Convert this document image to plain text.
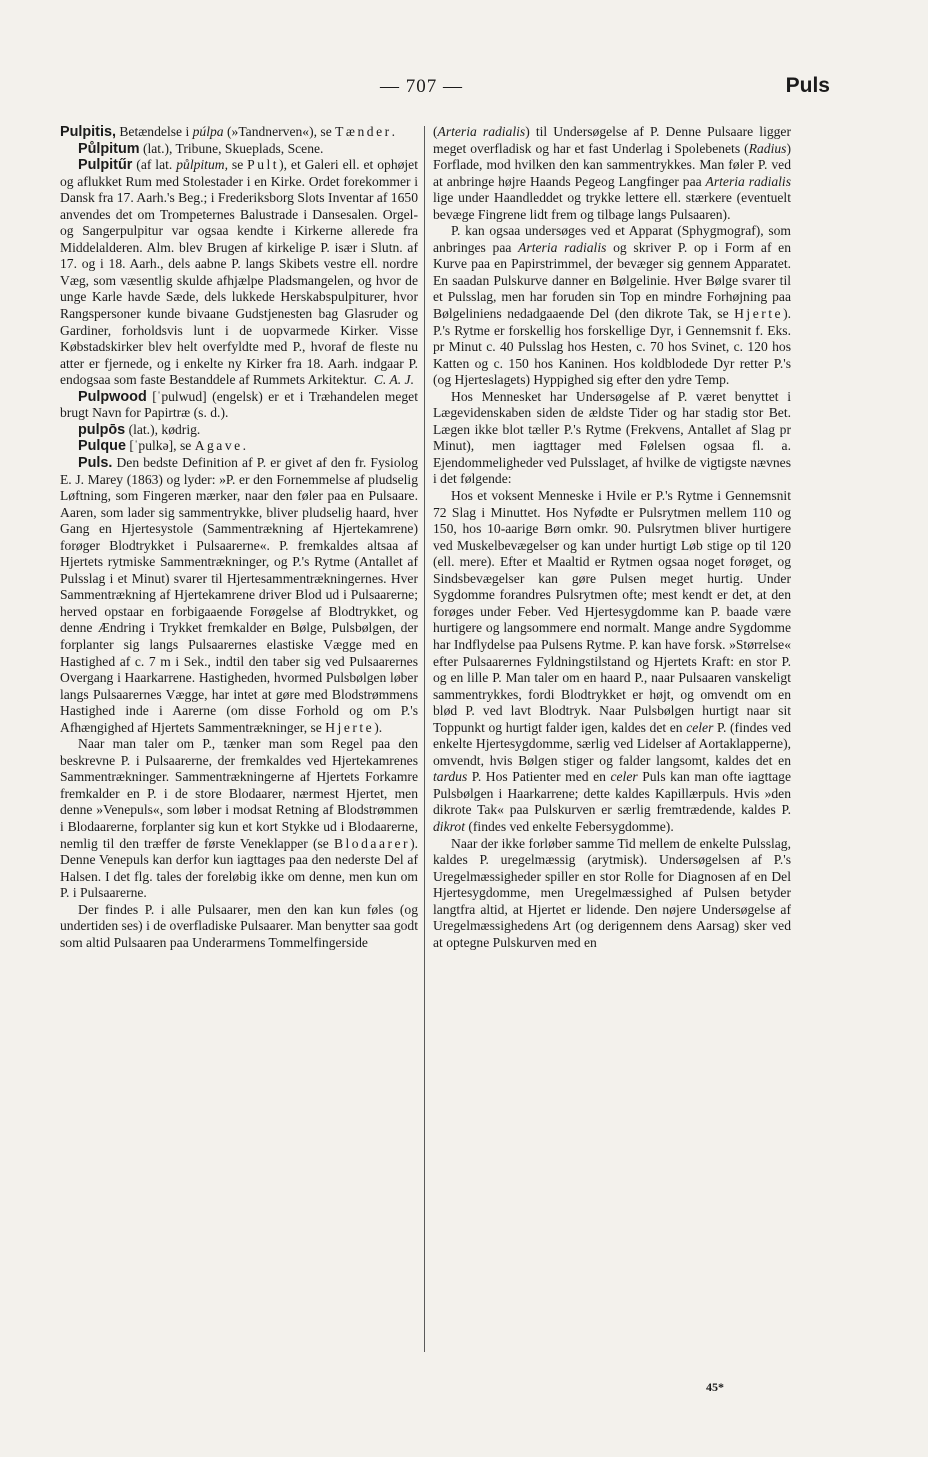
— 707 —	Puls

Pulpitis, Betændelse i púlpa (»Tandnerven«), se Tænder.

Půlpitum (lat.), Tribune, Skueplads, Scene.

Pulpitűr (af lat. půlpitum, se Pult), et Galeri ell. et ophøjet og aflukket Rum med Stolestader i en Kirke. Ordet forekommer i Dansk fra 17. Aarh.'s Beg.; i Frederiksborg Slots Inventar af 1650 anvendes det om Trompeternes Balustrade i Dansesalen. Orgel- og Sangerpulpitur var ogsaa kendte i Kirkerne allerede fra Middelalderen. Alm. blev Brugen af kirkelige P. især i Slutn. af 17. og i 18. Aarh., dels aabne P. langs Skibets vestre ell. nordre Væg, som væsentlig skulde afhjælpe Pladsmangelen, og hvor de unge Karle havde Sæde, dels lukkede Herskabspulpiturer, hvor Rangspersoner kunde bivaane Gudstjenesten bag Glasruder og Gardiner, forholdsvis lunt i de uopvarmede Kirker. Visse Købstadskirker blev helt overfyldte med P., hvoraf de fleste nu atter er fjernede, og i enkelte ny Kirker fra 18. Aarh. indgaar P. endogsaa som faste Bestanddele af Rummets Arkitektur. C. A. J.

Pulpwood [ˈpulwud] (engelsk) er et i Træhandelen meget brugt Navn for Papirtræ (s. d.).

pulpōs (lat.), kødrig.

Pulque [ˈpulkə], se Agave.

Puls. Den bedste Definition af P. er givet af den fr. Fysiolog E. J. Marey (1863) og lyder: »P. er den Fornemmelse af pludselig Løftning, som Fingeren mærker, naar den føler paa en Pulsaare. Aaren, som lader sig sammentrykke, bliver pludselig haard, hver Gang en Hjertesystole (Sammentrækning af Hjertekamrene) forøger Blodtrykket i Pulsaarerne«. P. fremkaldes altsaa af Hjertets rytmiske Sammentrækninger, og P.'s Rytme (Antallet af Pulsslag i et Minut) svarer til Hjertesammentrækningernes. Hver Sammentrækning af Hjertekamrene driver Blod ud i Pulsaarerne; herved opstaar en forbigaaende Forøgelse af Blodtrykket, og denne Ændring i Trykket fremkalder en Bølge, Pulsbølgen, der forplanter sig langs Pulsaarernes elastiske Vægge med en Hastighed af c. 7 m i Sek., indtil den taber sig ved Pulsaarernes Overgang i Haarkarrene. Hastigheden, hvormed Pulsbølgen løber langs Pulsaarernes Vægge, har intet at gøre med Blodstrømmens Hastighed inde i Aarerne (om disse Forhold og om P.'s Afhængighed af Hjertets Sammentrækninger, se Hjerte).

Naar man taler om P., tænker man som Regel paa den beskrevne P. i Pulsaarerne, der fremkaldes ved Hjertekamrenes Sammentrækninger. Sammentrækningerne af Hjertets Forkamre fremkalder en P. i de store Blodaarer, nærmest Hjertet, men denne »Venepuls«, som løber i modsat Retning af Blodstrømmen i Blodaarerne, forplanter sig kun et kort Stykke ud i Blodaarerne, nemlig til den træffer de første Veneklapper (se Blodaarer). Denne Venepuls kan derfor kun iagttages paa den nederste Del af Halsen. I det flg. tales der foreløbig ikke om denne, men kun om P. i Pulsaarerne.

Der findes P. i alle Pulsaarer, men den kan kun føles (og undertiden ses) i de overfladiske Pulsaarer. Man benytter saa godt som altid Pulsaaren paa Underarmens Tommelfingerside

(Arteria radialis) til Undersøgelse af P. Denne Pulsaare ligger meget overfladisk og har et fast Underlag i Spolebenets (Radius) Forflade, mod hvilken den kan sammentrykkes. Man føler P. ved at anbringe højre Haands Pegeog Langfinger paa Arteria radialis lige under Haandleddet og trykke lettere ell. stærkere (eventuelt bevæge Fingrene lidt frem og tilbage langs Pulsaaren).

P. kan ogsaa undersøges ved et Apparat (Sphygmograf), som anbringes paa Arteria radialis og skriver P. op i Form af en Kurve paa en Papirstrimmel, der bevæger sig gennem Apparatet. En saadan Pulskurve danner en Bølgelinie. Hver Bølge svarer til et Pulsslag, men har foruden sin Top en mindre Forhøjning paa Bølgeliniens nedadgaaende Del (den dikrote Tak, se Hjerte). P.'s Rytme er forskellig hos forskellige Dyr, i Gennemsnit f. Eks. pr Minut c. 40 Pulsslag hos Hesten, c. 70 hos Svinet, c. 120 hos Katten og c. 150 hos Kaninen. Hos koldblodede Dyr retter P.'s (og Hjerteslagets) Hyppighed sig efter den ydre Temp.

Hos Mennesket har Undersøgelse af P. været benyttet i Lægevidenskaben siden de ældste Tider og har stadig stor Bet. Lægen ikke blot tæller P.'s Rytme (Frekvens, Antallet af Slag pr Minut), men iagttager med Følelsen ogsaa fl. a. Ejendommeligheder ved Pulsslaget, af hvilke de vigtigste nævnes i det følgende:

Hos et voksent Menneske i Hvile er P.'s Rytme i Gennemsnit 72 Slag i Minuttet. Hos Nyfødte er Pulsrytmen mellem 110 og 150, hos 10-aarige Børn omkr. 90. Pulsrytmen bliver hurtigere ved Muskelbevægelser og kan under hurtigt Løb stige op til 120 (ell. mere). Efter et Maaltid er Rytmen ogsaa noget forøget, og Sindsbevægelser kan gøre Pulsen meget hurtig. Under Sygdomme forandres Pulsrytmen ofte; mest kendt er det, at den forøges under Feber. Ved Hjertesygdomme kan P. baade være hurtigere og langsommere end normalt. Mange andre Sygdomme har Indflydelse paa Pulsens Rytme. P. kan have forsk. »Størrelse« efter Pulsaarernes Fyldningstilstand og Hjertets Kraft: en stor P. og en lille P. Man taler om en haard P., naar Pulsaaren vanskeligt sammentrykkes, fordi Blodtrykket er højt, og omvendt om en blød P. ved lavt Blodtryk. Naar Pulsbølgen hurtigt naar sit Toppunkt og hurtigt falder igen, kaldes det en celer P. (findes ved enkelte Hjertesygdomme, særlig ved Lidelser af Aortaklapperne), omvendt, hvis Bølgen stiger og falder langsomt, kaldes det en tardus P. Hos Patienter med en celer Puls kan man ofte iagttage Pulsbølgen i Haarkarrene; dette kaldes Kapillærpuls. Hvis »den dikrote Tak« paa Pulskurven er særlig fremtrædende, kaldes P. dikrot (findes ved enkelte Febersygdomme).

Naar der ikke forløber samme Tid mellem de enkelte Pulsslag, kaldes P. uregelmæssig (arytmisk). Undersøgelsen af P.'s Uregelmæssigheder spiller en stor Rolle for Diagnosen af en Del Hjertesygdomme, men Uregelmæssighed af Pulsen betyder langtfra altid, at Hjertet er lidende. Den nøjere Undersøgelse af Uregelmæssighedens Art (og derigennem dens Aarsag) sker ved at optegne Pulskurven med en

45*
